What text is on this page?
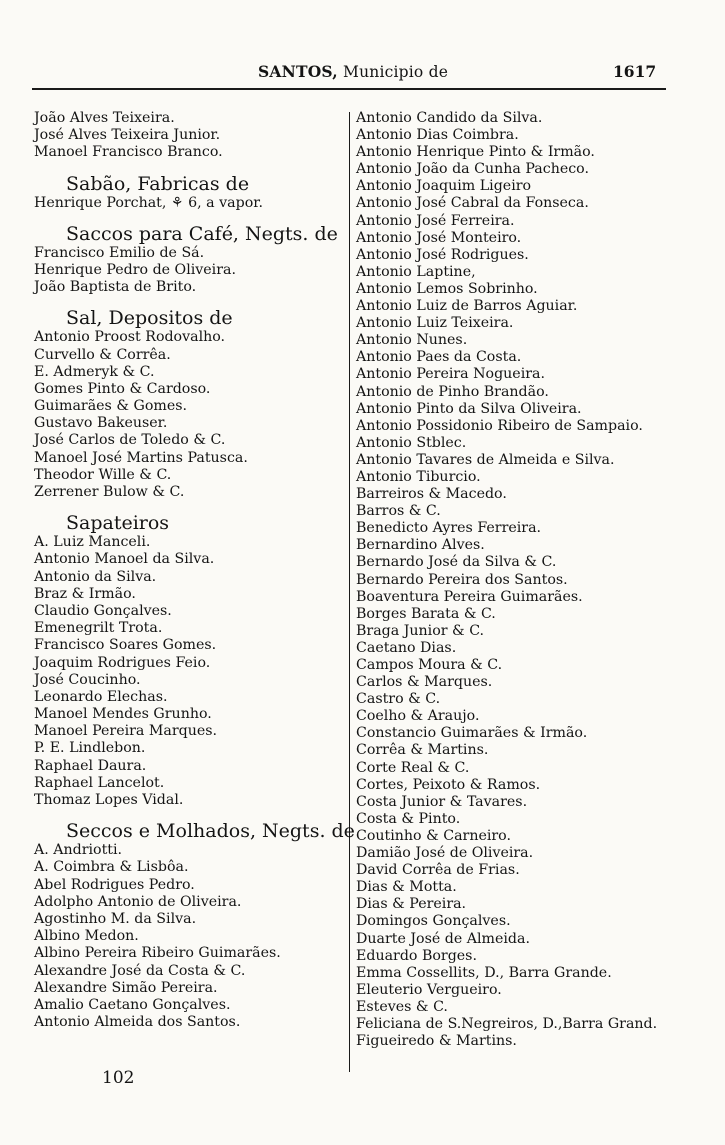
SANTOS, Municipio de	1617
João Alves Teixeira.
José Alves Teixeira Junior.
Manoel Francisco Branco.
Sabão, Fabricas de
Henrique Porchat, ⚘ 6, a vapor.
Saccos para Café, Negts. de
Francisco Emilio de Sá.
Henrique Pedro de Oliveira.
João Baptista de Brito.
Sal, Depositos de
Antonio Proost Rodovalho.
Curvello & Corrêa.
E. Admeryk & C.
Gomes Pinto & Cardoso.
Guimarães & Gomes.
Gustavo Bakeuser.
José Carlos de Toledo & C.
Manoel José Martins Patusca.
Theodor Wille & C.
Zerrener Bulow & C.
Sapateiros
A. Luiz Manceli.
Antonio Manoel da Silva.
Antonio da Silva.
Braz & Irmão.
Claudio Gonçalves.
Emenegrilt Trota.
Francisco Soares Gomes.
Joaquim Rodrigues Feio.
José Coucinho.
Leonardo Elechas.
Manoel Mendes Grunho.
Manoel Pereira Marques.
P. E. Lindlebon.
Raphael Daura.
Raphael Lancelot.
Thomaz Lopes Vidal.
Seccos e Molhados, Negts. de
A. Andriotti.
A. Coimbra & Lisbôa.
Abel Rodrigues Pedro.
Adolpho Antonio de Oliveira.
Agostinho M. da Silva.
Albino Medon.
Albino Pereira Ribeiro Guimarães.
Alexandre José da Costa & C.
Alexandre Simão Pereira.
Amalio Caetano Gonçalves.
Antonio Almeida dos Santos.
Antonio Candido da Silva.
Antonio Dias Coimbra.
Antonio Henrique Pinto & Irmão.
Antonio João da Cunha Pacheco.
Antonio Joaquim Ligeiro
Antonio José Cabral da Fonseca.
Antonio José Ferreira.
Antonio José Monteiro.
Antonio José Rodrigues.
Antonio Laptine,
Antonio Lemos Sobrinho.
Antonio Luiz de Barros Aguiar.
Antonio Luiz Teixeira.
Antonio Nunes.
Antonio Paes da Costa.
Antonio Pereira Nogueira.
Antonio de Pinho Brandão.
Antonio Pinto da Silva Oliveira.
Antonio Possidonio Ribeiro de Sampaio.
Antonio Stblec.
Antonio Tavares de Almeida e Silva.
Antonio Tiburcio.
Barreiros & Macedo.
Barros & C.
Benedicto Ayres Ferreira.
Bernardino Alves.
Bernardo José da Silva & C.
Bernardo Pereira dos Santos.
Boaventura Pereira Guimarães.
Borges Barata & C.
Braga Junior & C.
Caetano Dias.
Campos Moura & C.
Carlos & Marques.
Castro & C.
Coelho & Araujo.
Constancio Guimarães & Irmão.
Corrêa & Martins.
Corte Real & C.
Cortes, Peixoto & Ramos.
Costa Junior & Tavares.
Costa & Pinto.
Coutinho & Carneiro.
Damião José de Oliveira.
David Corrêa de Frias.
Dias & Motta.
Dias & Pereira.
Domingos Gonçalves.
Duarte José de Almeida.
Eduardo Borges.
Emma Cossellits, D., Barra Grande.
Eleuterio Vergueiro.
Esteves & C.
Feliciana de S.Negreiros, D.,Barra Grand.
Figueiredo & Martins.
102
